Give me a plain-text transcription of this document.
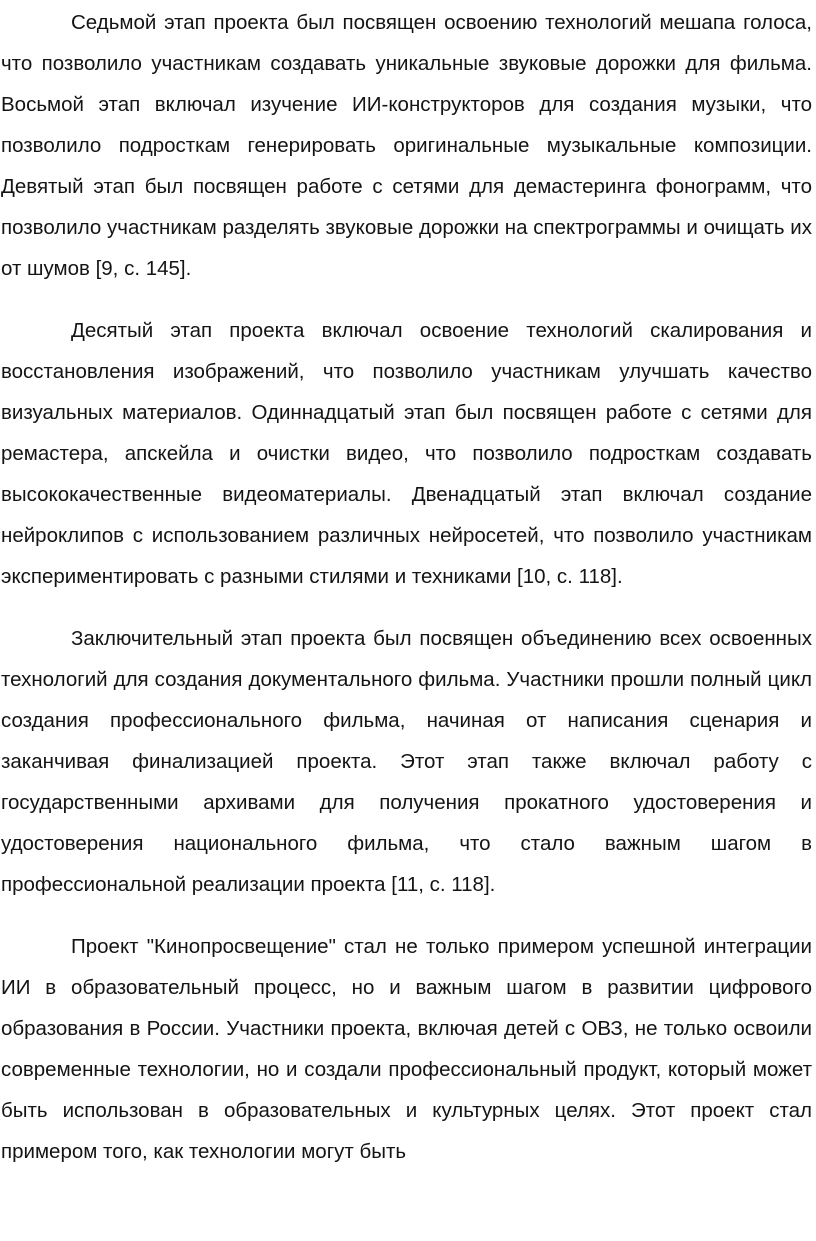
Седьмой этап проекта был посвящен освоению технологий мешапа голоса, что позволило участникам создавать уникальные звуковые дорожки для фильма. Восьмой этап включал изучение ИИ-конструкторов для создания музыки, что позволило подросткам генерировать оригинальные музыкальные композиции. Девятый этап был посвящен работе с сетями для демастеринга фонограмм, что позволило участникам разделять звуковые дорожки на спектрограммы и очищать их от шумов [9, с. 145].

Десятый этап проекта включал освоение технологий скалирования и восстановления изображений, что позволило участникам улучшать качество визуальных материалов. Одиннадцатый этап был посвящен работе с сетями для ремастера, апскейла и очистки видео, что позволило подросткам создавать высококачественные видеоматериалы. Двенадцатый этап включал создание нейроклипов с использованием различных нейросетей, что позволило участникам экспериментировать с разными стилями и техниками [10, с. 118].

Заключительный этап проекта был посвящен объединению всех освоенных технологий для создания документального фильма. Участники прошли полный цикл создания профессионального фильма, начиная от написания сценария и заканчивая финализацией проекта. Этот этап также включал работу с государственными архивами для получения прокатного удостоверения и удостоверения национального фильма, что стало важным шагом в профессиональной реализации проекта [11, с. 118].

Проект "Кинопросвещение" стал не только примером успешной интеграции ИИ в образовательный процесс, но и важным шагом в развитии цифрового образования в России. Участники проекта, включая детей с ОВЗ, не только освоили современные технологии, но и создали профессиональный продукт, который может быть использован в образовательных и культурных целях. Этот проект стал примером того, как технологии могут быть
